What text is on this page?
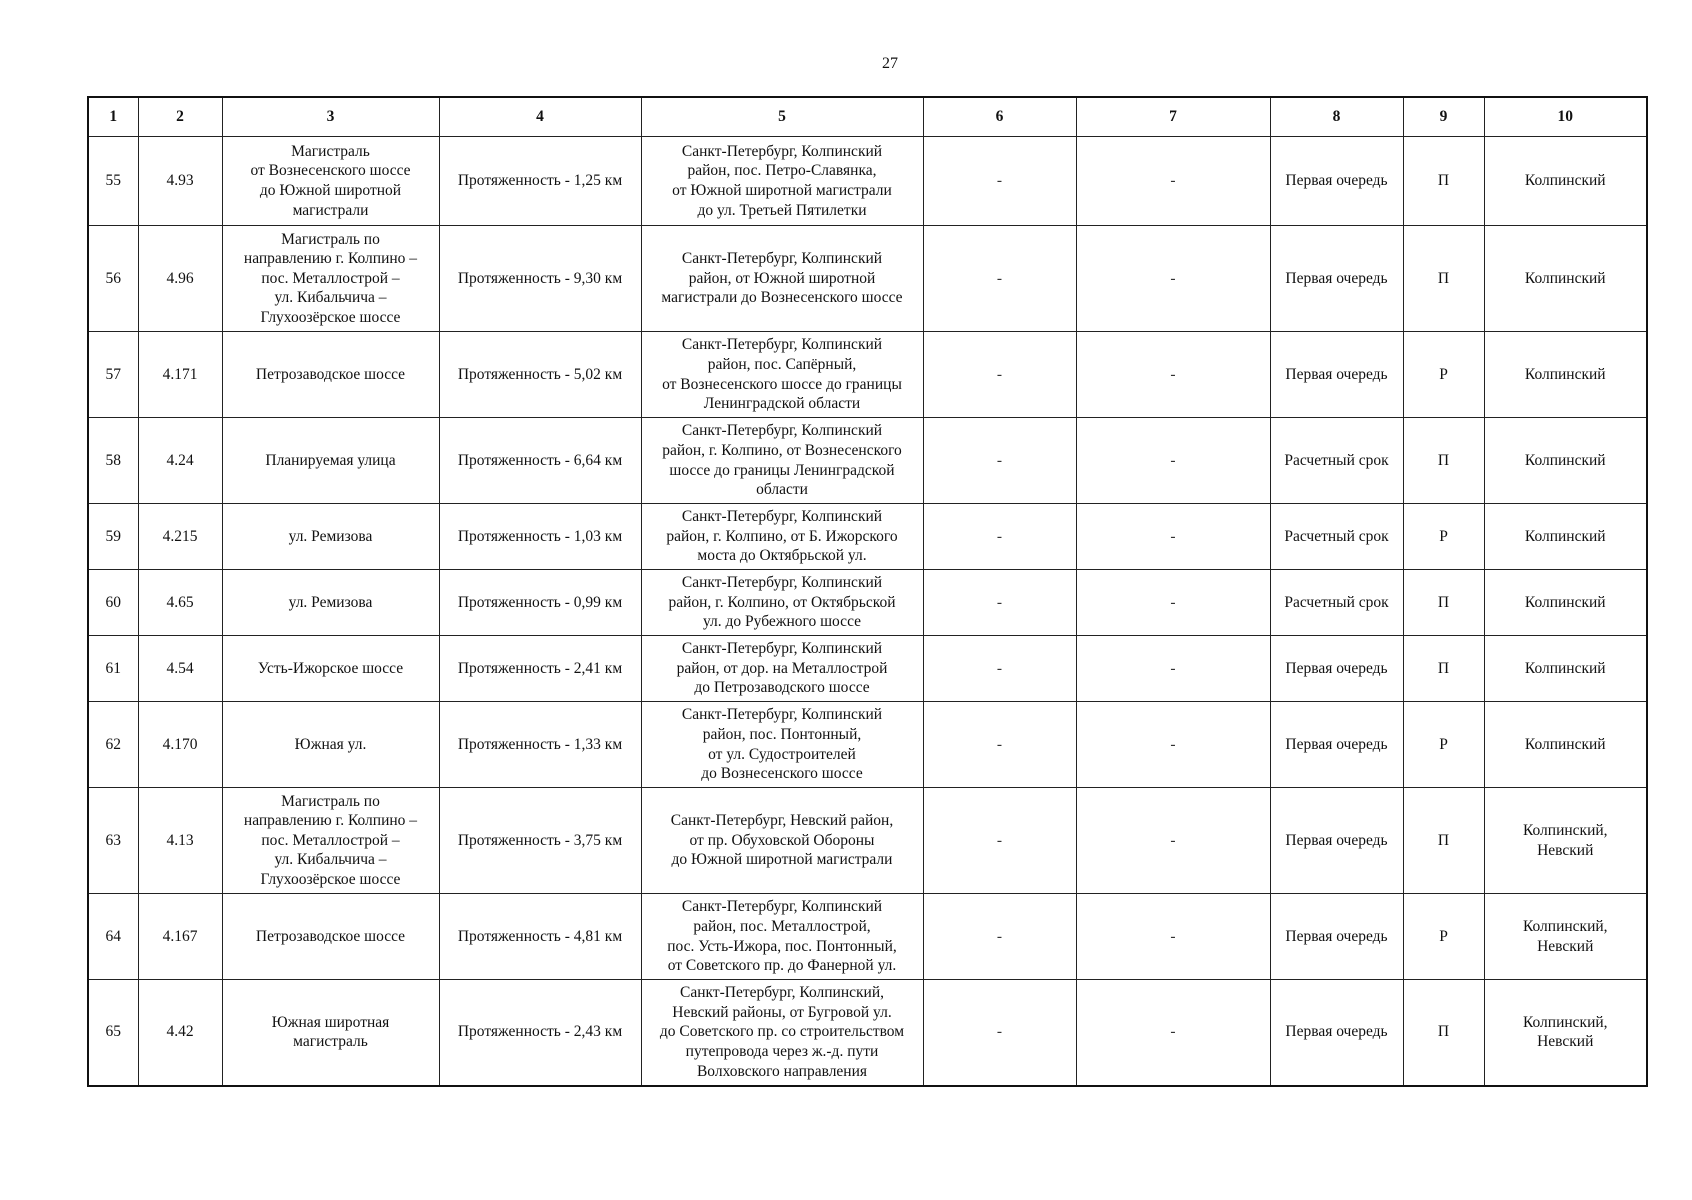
27
1	2	3	4	5	6	7	8	9	10
55	4.93	Магистраль
от Вознесенского шоссе
до Южной широтной
магистрали	Протяженность - 1,25 км	Санкт-Петербург, Колпинский
район, пос. Петро-Славянка,
от Южной широтной магистрали
до ул. Третьей Пятилетки	-	-	Первая очередь	П	Колпинский
56	4.96	Магистраль по
направлению г. Колпино –
пос. Металлострой –
ул. Кибальчича –
Глухоозёрское шоссе	Протяженность - 9,30 км	Санкт-Петербург, Колпинский
район, от Южной широтной
магистрали до Вознесенского шоссе	-	-	Первая очередь	П	Колпинский
57	4.171	Петрозаводское шоссе	Протяженность - 5,02 км	Санкт-Петербург, Колпинский
район, пос. Сапёрный,
от Вознесенского шоссе до границы
Ленинградской области	-	-	Первая очередь	Р	Колпинский
58	4.24	Планируемая улица	Протяженность - 6,64 км	Санкт-Петербург, Колпинский
район, г. Колпино, от Вознесенского
шоссе до границы Ленинградской
области	-	-	Расчетный срок	П	Колпинский
59	4.215	ул. Ремизова	Протяженность - 1,03 км	Санкт-Петербург, Колпинский
район, г. Колпино, от Б. Ижорского
моста до Октябрьской ул.	-	-	Расчетный срок	Р	Колпинский
60	4.65	ул. Ремизова	Протяженность - 0,99 км	Санкт-Петербург, Колпинский
район, г. Колпино, от Октябрьской
ул. до Рубежного шоссе	-	-	Расчетный срок	П	Колпинский
61	4.54	Усть-Ижорское шоссе	Протяженность - 2,41 км	Санкт-Петербург, Колпинский
район, от дор. на Металлострой
до Петрозаводского шоссе	-	-	Первая очередь	П	Колпинский
62	4.170	Южная ул.	Протяженность - 1,33 км	Санкт-Петербург, Колпинский
район, пос. Понтонный,
от ул. Судостроителей
до Вознесенского шоссе	-	-	Первая очередь	Р	Колпинский
63	4.13	Магистраль по
направлению г. Колпино –
пос. Металлострой –
ул. Кибальчича –
Глухоозёрское шоссе	Протяженность - 3,75 км	Санкт-Петербург, Невский район,
от пр. Обуховской Обороны
до Южной широтной магистрали	-	-	Первая очередь	П	Колпинский,
Невский
64	4.167	Петрозаводское шоссе	Протяженность - 4,81 км	Санкт-Петербург, Колпинский
район, пос. Металлострой,
пос. Усть-Ижора, пос. Понтонный,
от Советского пр. до Фанерной ул.	-	-	Первая очередь	Р	Колпинский,
Невский
65	4.42	Южная широтная
магистраль	Протяженность - 2,43 км	Санкт-Петербург, Колпинский,
Невский районы, от Бугровой ул.
до Советского пр. со строительством
путепровода через ж.-д. пути
Волховского направления	-	-	Первая очередь	П	Колпинский,
Невский
